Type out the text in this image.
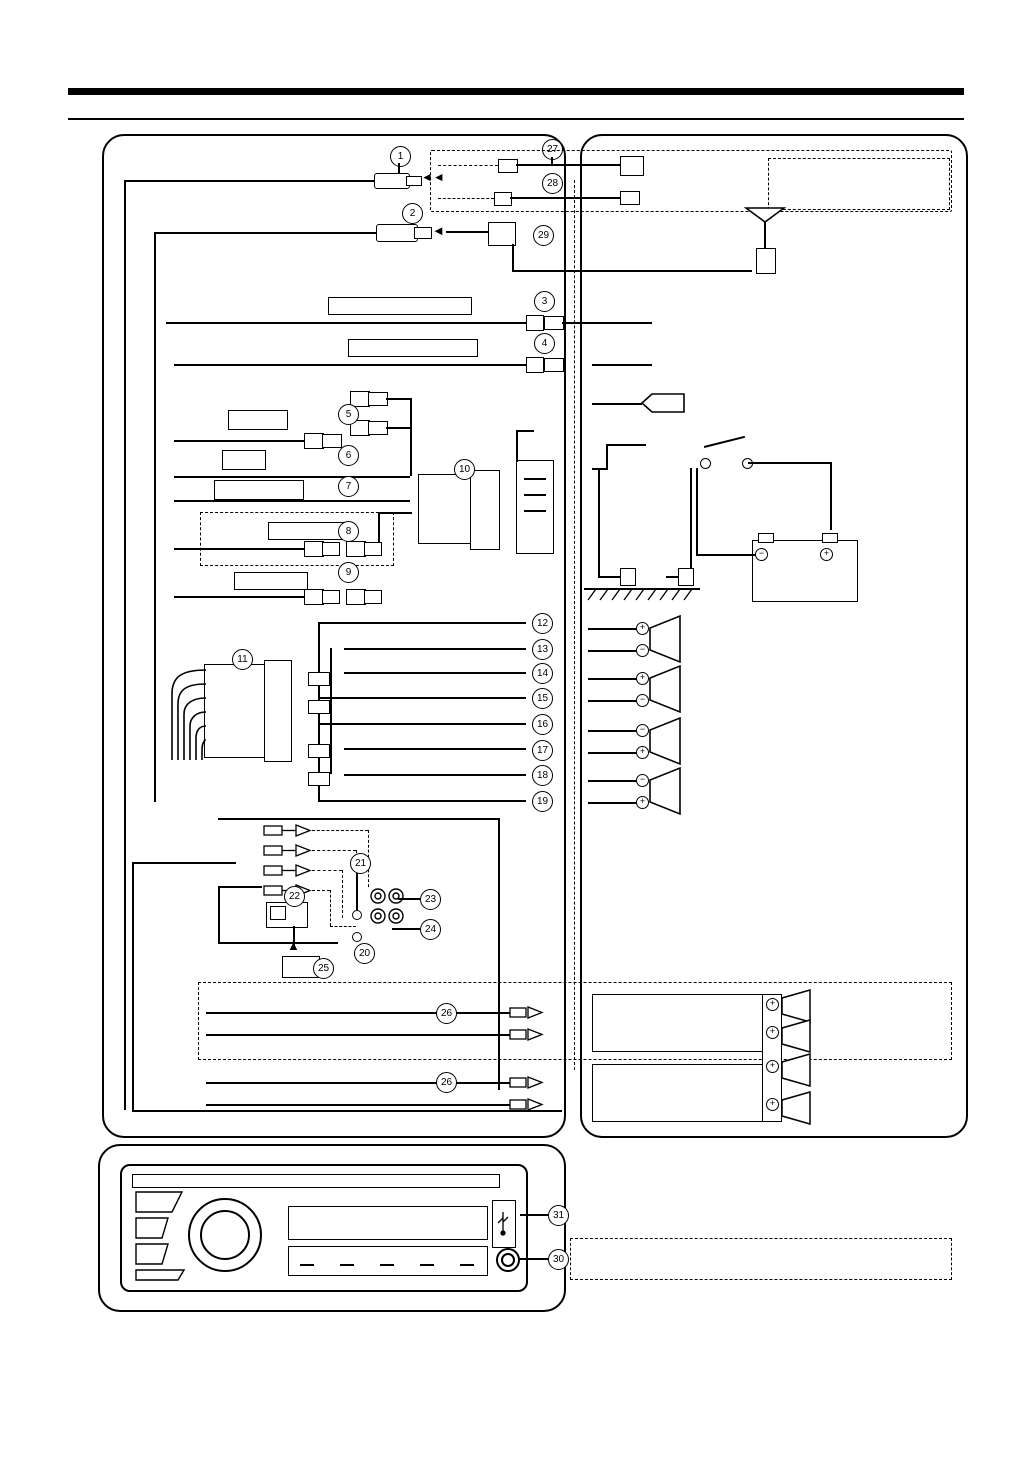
1
◄◄
27
28
2
◄	29
3
4
5
6
7
10
8
9
−	+
11
12
13
14
15
16
17
18
19
+
−
+
−
−
+
−
+
21
20
23
24
22
▲
25
26
26
+
+
+
+
31
30
